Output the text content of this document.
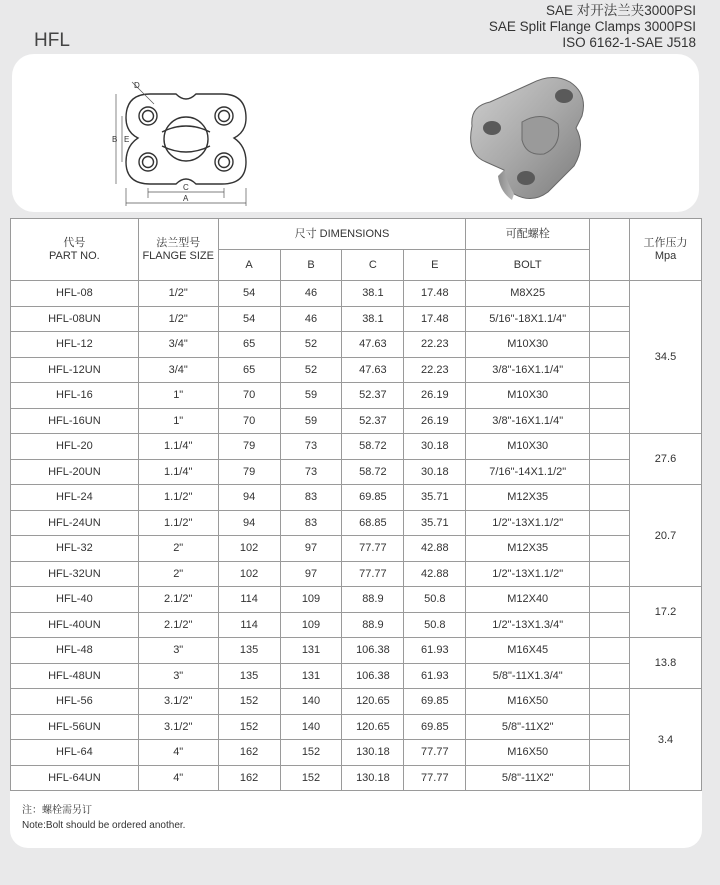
HFL
SAE 对开法兰夹3000PSI
SAE Split Flange Clamps 3000PSI
ISO 6162-1-SAE J518
B E
D
C
A
代号
PART NO.	法兰型号
FLANGE SIZE	尺寸 DIMENSIONS				可配螺栓		工作压力
Mpa
		A	B	C	E	BOLT		
HFL-08	1/2"	54	46	38.1	17.48	M8X25		34.5
HFL-08UN	1/2"	54	46	38.1	17.48	5/16"-18X1.1/4"		
HFL-12	3/4"	65	52	47.63	22.23	M10X30		
HFL-12UN	3/4"	65	52	47.63	22.23	3/8"-16X1.1/4"		
HFL-16	1"	70	59	52.37	26.19	M10X30		
HFL-16UN	1"	70	59	52.37	26.19	3/8"-16X1.1/4"		
HFL-20	1.1/4"	79	73	58.72	30.18	M10X30		27.6
HFL-20UN	1.1/4"	79	73	58.72	30.18	7/16"-14X1.1/2"		
HFL-24	1.1/2"	94	83	69.85	35.71	M12X35		20.7
HFL-24UN	1.1/2"	94	83	68.85	35.71	1/2"-13X1.1/2"		
HFL-32	2"	102	97	77.77	42.88	M12X35		
HFL-32UN	2"	102	97	77.77	42.88	1/2"-13X1.1/2"		
HFL-40	2.1/2"	114	109	88.9	50.8	M12X40		17.2
HFL-40UN	2.1/2"	114	109	88.9	50.8	1/2"-13X1.3/4"		
HFL-48	3"	135	131	106.38	61.93	M16X45		13.8
HFL-48UN	3"	135	131	106.38	61.93	5/8"-11X1.3/4"		
HFL-56	3.1/2"	152	140	120.65	69.85	M16X50		3.4
HFL-56UN	3.1/2"	152	140	120.65	69.85	5/8"-11X2"		
HFL-64	4"	162	152	130.18	77.77	M16X50		
HFL-64UN	4"	162	152	130.18	77.77	5/8"-11X2"		
注：螺栓需另订
Note:Bolt should be ordered another.
